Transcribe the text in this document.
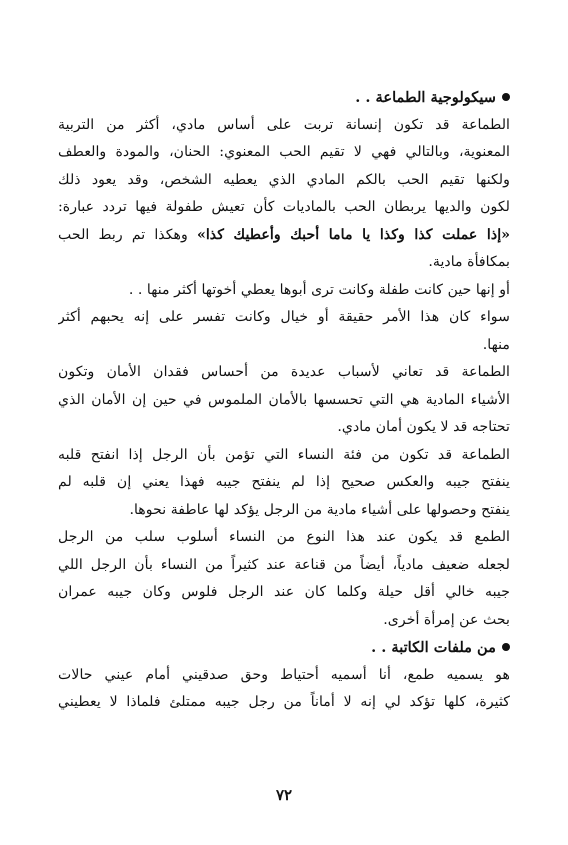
سيكولوجية الطماعة . .
الطماعة قد تكون إنسانة تربت على أساس مادي، أكثر من التربية
المعنوية، وبالتالي فهي لا تقيم الحب المعنوي: الحنان، والمودة والعطف
ولكنها تقيم الحب بالكم المادي الذي يعطيه الشخص، وقد يعود ذلك
لكون والديها يربطان الحب بالماديات كأن تعيش طفولة فيها تردد عبارة:
«إذا عملت كذا وكذا يا ماما أحبك وأعطيك كذا» وهكذا تم ربط الحب
بمكافأة مادية.
أو إنها حين كانت طفلة وكانت ترى أبوها يعطي أخوتها أكثر منها . .
سواء كان هذا الأمر حقيقة أو خيال وكانت تفسر على إنه يحبهم أكثر
منها.
الطماعة قد تعاني لأسباب عديدة من أحساس فقدان الأمان وتكون
الأشياء المادية هي التي تحسسها بالأمان الملموس في حين إن الأمان الذي
تحتاجه قد لا يكون أمان مادي.
الطماعة قد تكون من فئة النساء التي تؤمن بأن الرجل إذا انفتح قلبه
ينفتح جيبه والعكس صحيح إذا لم ينفتح جيبه فهذا يعني إن قلبه لم
ينفتح وحصولها على أشياء مادية من الرجل يؤكد لها عاطفة نحوها.
الطمع قد يكون عند هذا النوع من النساء أسلوب سلب من الرجل
لجعله ضعيف مادياً، أيضاً من قناعة عند كثيراً من النساء بأن الرجل اللي
جيبه خالي أقل حيلة وكلما كان عند الرجل فلوس وكان جيبه عمران
بحث عن إمرأة أخرى.
من ملفات الكاتبة . .
هو يسميه طمع، أنا أسميه أحتياط وحق صدقيني أمام عيني حالات
كثيرة، كلها تؤكد لي إنه لا أماناً من رجل جيبه ممتلئ فلماذا لا يعطيني
٧٢
